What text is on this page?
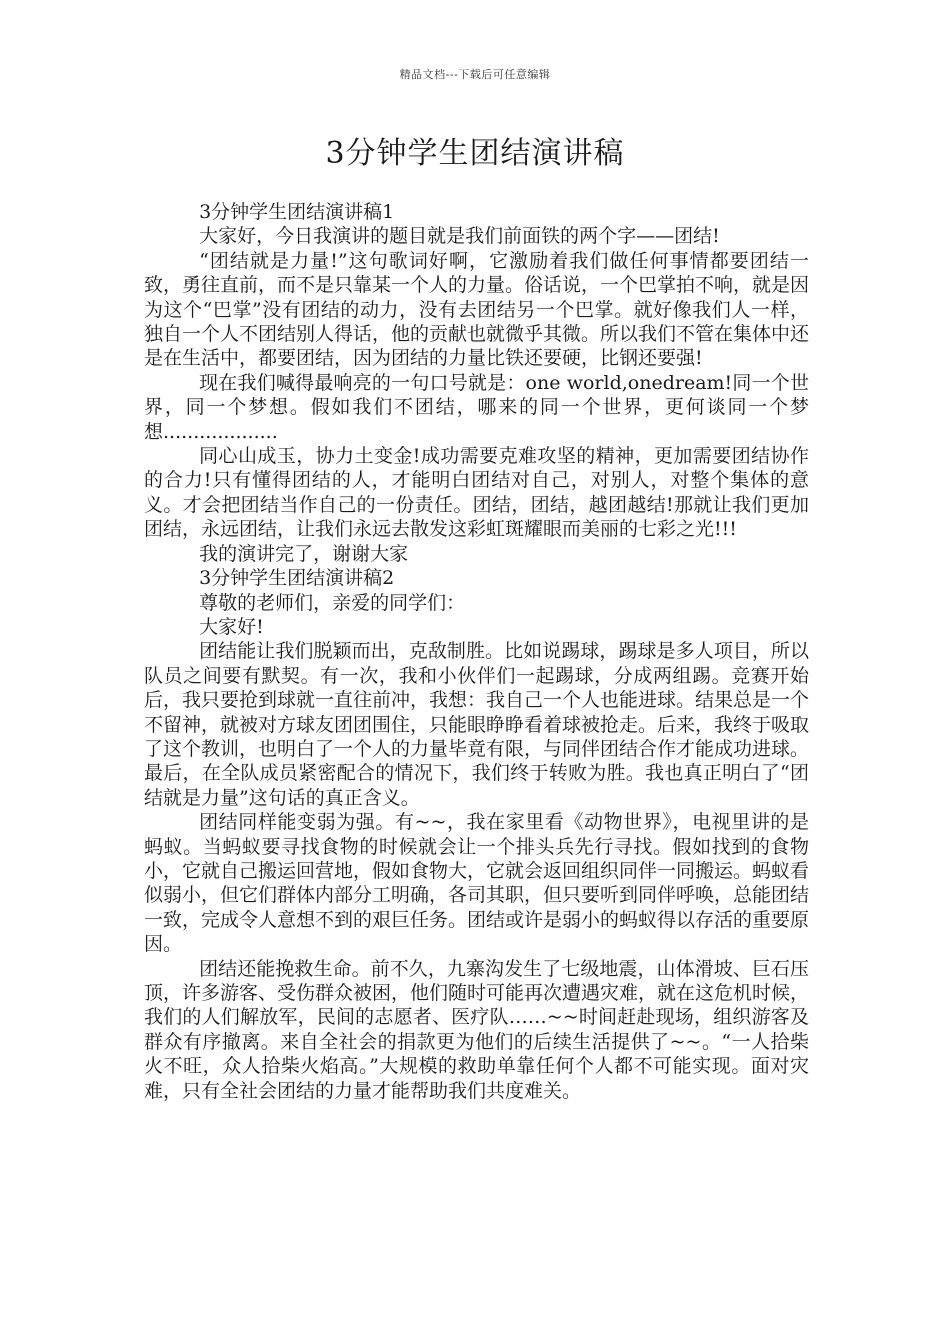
精品文档---下载后可任意编辑
3分钟学生团结演讲稿

3分钟学生团结演讲稿1

大家好，今日我演讲的题目就是我们前面铁的两个字——团结!

“团结就是力量!”这句歌词好啊，它激励着我们做任何事情都要团结一致，勇往直前，而不是只靠某一个人的力量。俗话说，一个巴掌拍不响，就是因为这个“巴掌”没有团结的动力，没有去团结另一个巴掌。就好像我们人一样，独自一个人不团结别人得话，他的贡献也就微乎其微。所以我们不管在集体中还是在生活中，都要团结，因为团结的力量比铁还要硬，比钢还要强!

现在我们喊得最响亮的一句口号就是：one world,onedream!同一个世界，同一个梦想。假如我们不团结，哪来的同一个世界，更何谈同一个梦想...................

同心山成玉，协力土变金!成功需要克难攻坚的精神，更加需要团结协作的合力!只有懂得团结的人，才能明白团结对自己，对别人，对整个集体的意义。才会把团结当作自己的一份责任。团结，团结，越团越结!那就让我们更加团结，永远团结，让我们永远去散发这彩虹斑耀眼而美丽的七彩之光!!!

我的演讲完了，谢谢大家

3分钟学生团结演讲稿2

尊敬的老师们，亲爱的同学们：

大家好!

团结能让我们脱颖而出，克敌制胜。比如说踢球，踢球是多人项目，所以队员之间要有默契。有一次，我和小伙伴们一起踢球，分成两组踢。竞赛开始后，我只要抢到球就一直往前冲，我想：我自己一个人也能进球。结果总是一个不留神，就被对方球友团团围住，只能眼睁睁看着球被抢走。后来，我终于吸取了这个教训，也明白了一个人的力量毕竟有限，与同伴团结合作才能成功进球。最后，在全队成员紧密配合的情况下，我们终于转败为胜。我也真正明白了“团结就是力量”这句话的真正含义。

团结同样能变弱为强。有~~，我在家里看《动物世界》，电视里讲的是蚂蚁。当蚂蚁要寻找食物的时候就会让一个排头兵先行寻找。假如找到的食物小，它就自己搬运回营地，假如食物大，它就会返回组织同伴一同搬运。蚂蚁看似弱小，但它们群体内部分工明确，各司其职，但只要听到同伴呼唤，总能团结一致，完成令人意想不到的艰巨任务。团结或许是弱小的蚂蚁得以存活的重要原因。

团结还能挽救生命。前不久，九寨沟发生了七级地震，山体滑坡、巨石压顶，许多游客、受伤群众被困，他们随时可能再次遭遇灾难，就在这危机时候，我们的人们解放军，民间的志愿者、医疗队……~~时间赶赴现场，组织游客及群众有序撤离。来自全社会的捐款更为他们的后续生活提供了~~。“一人拾柴火不旺，众人拾柴火焰高。”大规模的救助单靠任何个人都不可能实现。面对灾难，只有全社会团结的力量才能帮助我们共度难关。
